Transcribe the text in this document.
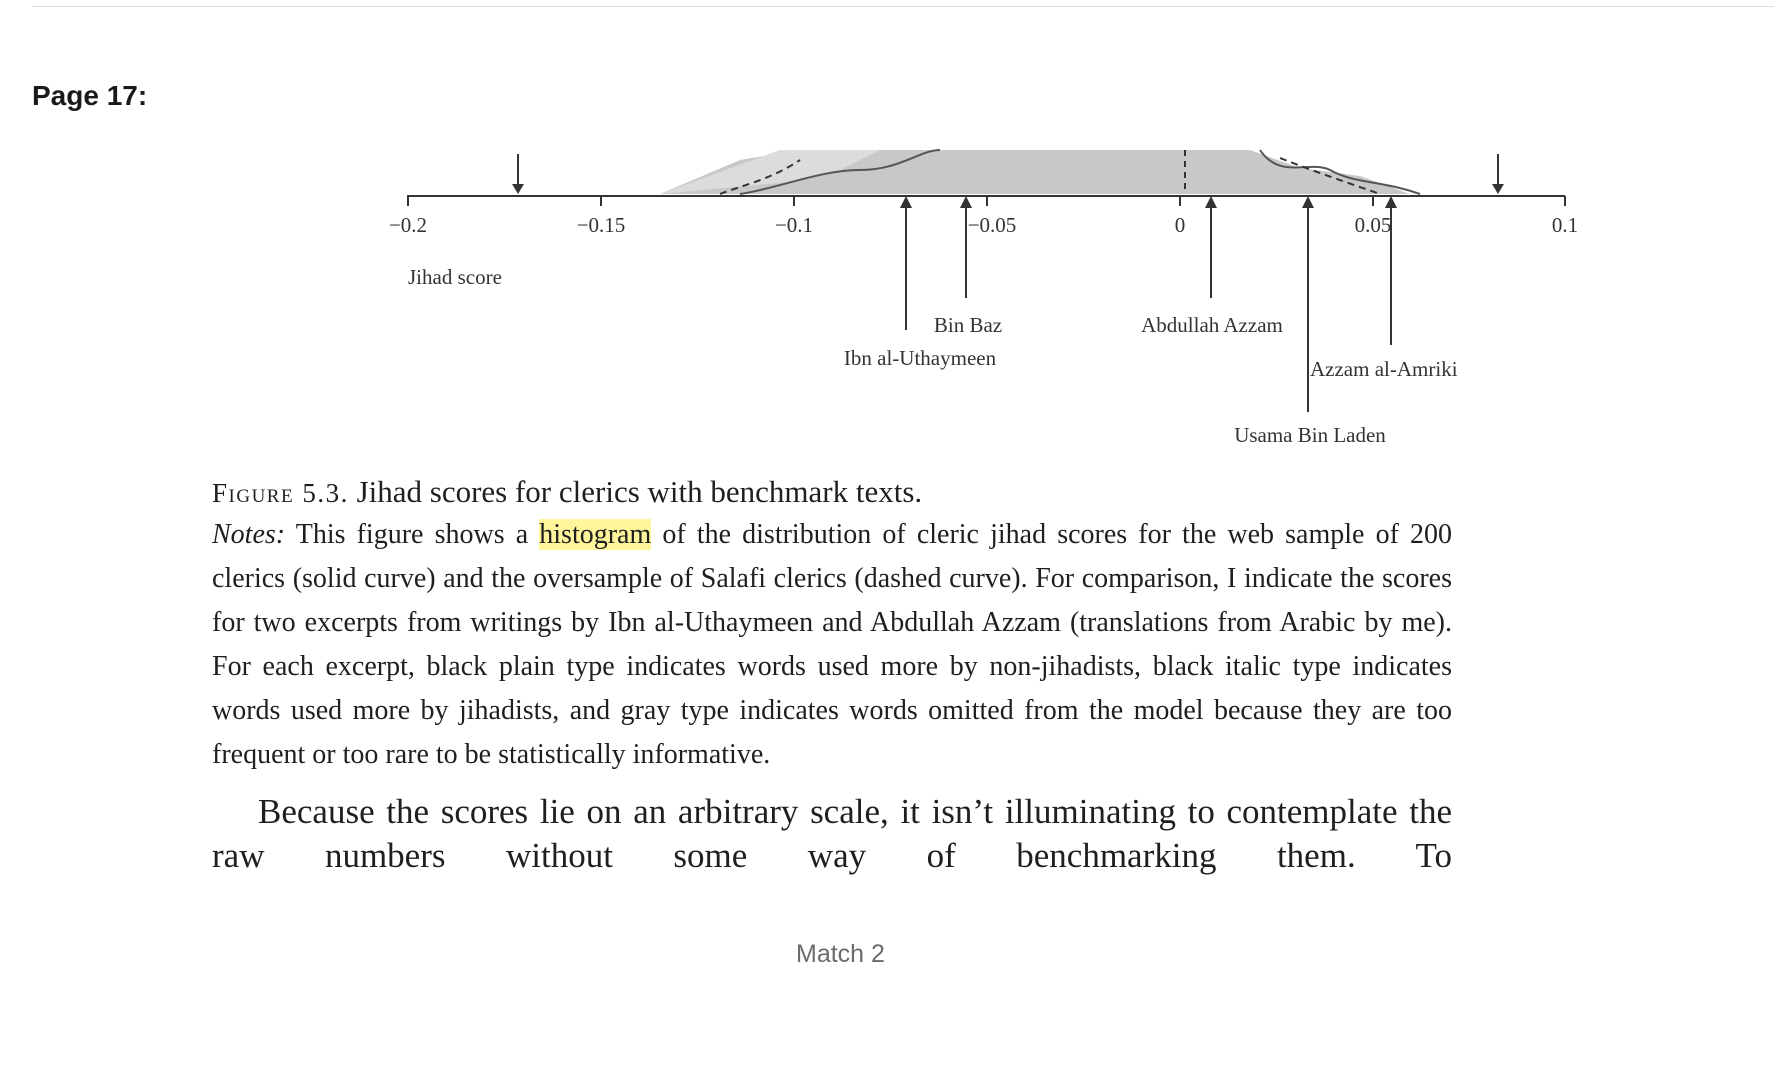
Page 17:
−0.2	−0.15	−0.1	−0.05	0	0.05	0.1
Jihad score
Bin Baz
Ibn al-Uthaymeen
Abdullah Azzam
Azzam al-Amriki
Usama Bin Laden
Figure 5.3. Jihad scores for clerics with benchmark texts.
Notes: This figure shows a histogram of the distribution of cleric jihad scores for the web sample of 200 clerics (solid curve) and the oversample of Salafi clerics (dashed curve). For comparison, I indicate the scores for two excerpts from writings by Ibn al-Uthaymeen and Abdullah Azzam (translations from Arabic by me). For each excerpt, black plain type indicates words used more by non-jihadists, black italic type indicates words used more by jihadists, and gray type indicates words omitted from the model because they are too frequent or too rare to be statistically informative.
Because the scores lie on an arbitrary scale, it isn’t illuminating to contemplate the raw numbers without some way of benchmarking them. To
Match 2
